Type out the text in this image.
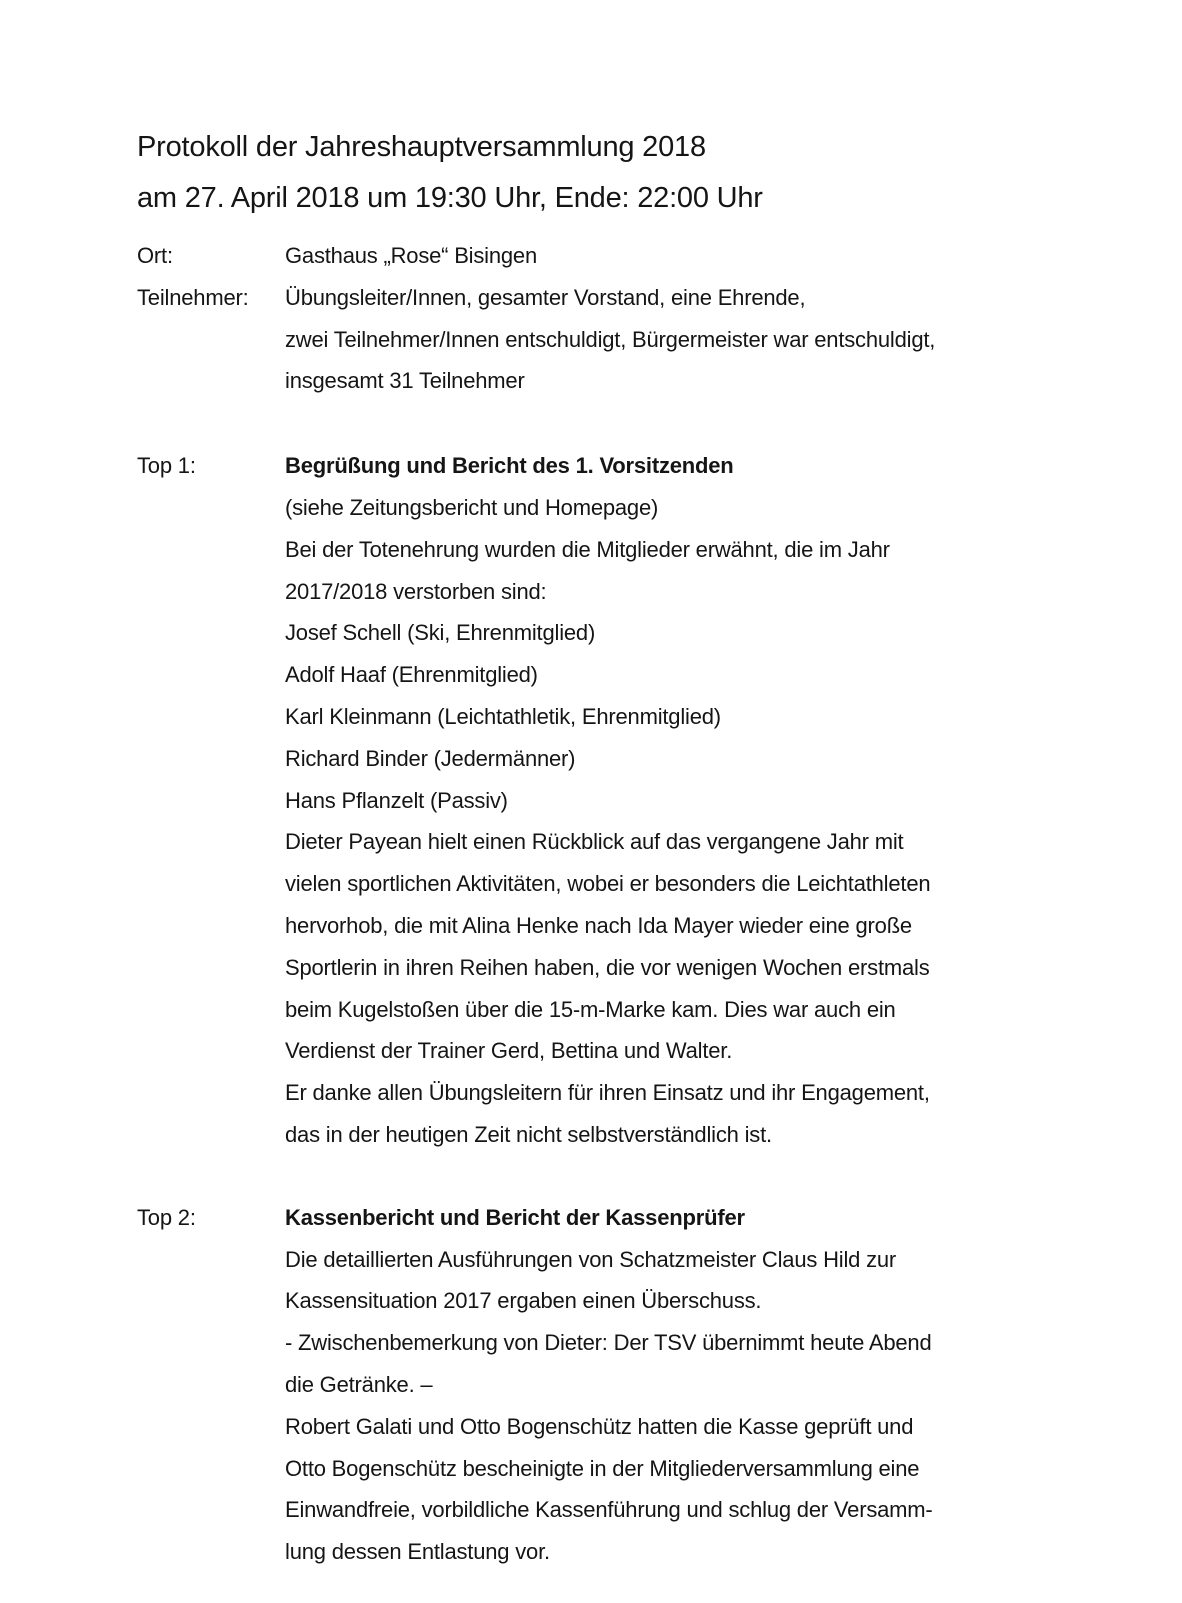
Protokoll der Jahreshauptversammlung 2018
am 27. April 2018 um 19:30 Uhr, Ende: 22:00 Uhr
Ort:	Gasthaus „Rose“ Bisingen
Teilnehmer:	Übungsleiter/Innen, gesamter Vorstand, eine Ehrende,
zwei Teilnehmer/Innen entschuldigt, Bürgermeister war entschuldigt,
insgesamt 31 Teilnehmer
Top 1:	Begrüßung und Bericht des 1. Vorsitzenden
(siehe Zeitungsbericht und Homepage)
Bei der Totenehrung wurden die Mitglieder erwähnt, die im Jahr
2017/2018 verstorben sind:
Josef Schell (Ski, Ehrenmitglied)
Adolf Haaf (Ehrenmitglied)
Karl Kleinmann (Leichtathletik, Ehrenmitglied)
Richard Binder (Jedermänner)
Hans Pflanzelt (Passiv)
Dieter Payean hielt einen Rückblick auf das vergangene Jahr mit
vielen sportlichen Aktivitäten, wobei er besonders die Leichtathleten
hervorhob, die mit Alina Henke nach Ida Mayer wieder eine große
Sportlerin in ihren Reihen haben, die vor wenigen Wochen erstmals
beim Kugelstoßen über die 15-m-Marke kam. Dies war auch ein
Verdienst der Trainer Gerd, Bettina und Walter.
Er danke allen Übungsleitern für ihren Einsatz und ihr Engagement,
das in der heutigen Zeit nicht selbstverständlich ist.
Top 2:	Kassenbericht und Bericht der Kassenprüfer
Die detaillierten Ausführungen von Schatzmeister Claus Hild zur
Kassensituation 2017 ergaben einen Überschuss.
- Zwischenbemerkung von Dieter: Der TSV übernimmt heute Abend
die Getränke. –
Robert Galati und Otto Bogenschütz hatten die Kasse geprüft und
Otto Bogenschütz bescheinigte in der Mitgliederversammlung eine
Einwandfreie, vorbildliche Kassenführung und schlug der Versamm-
lung dessen Entlastung vor.
